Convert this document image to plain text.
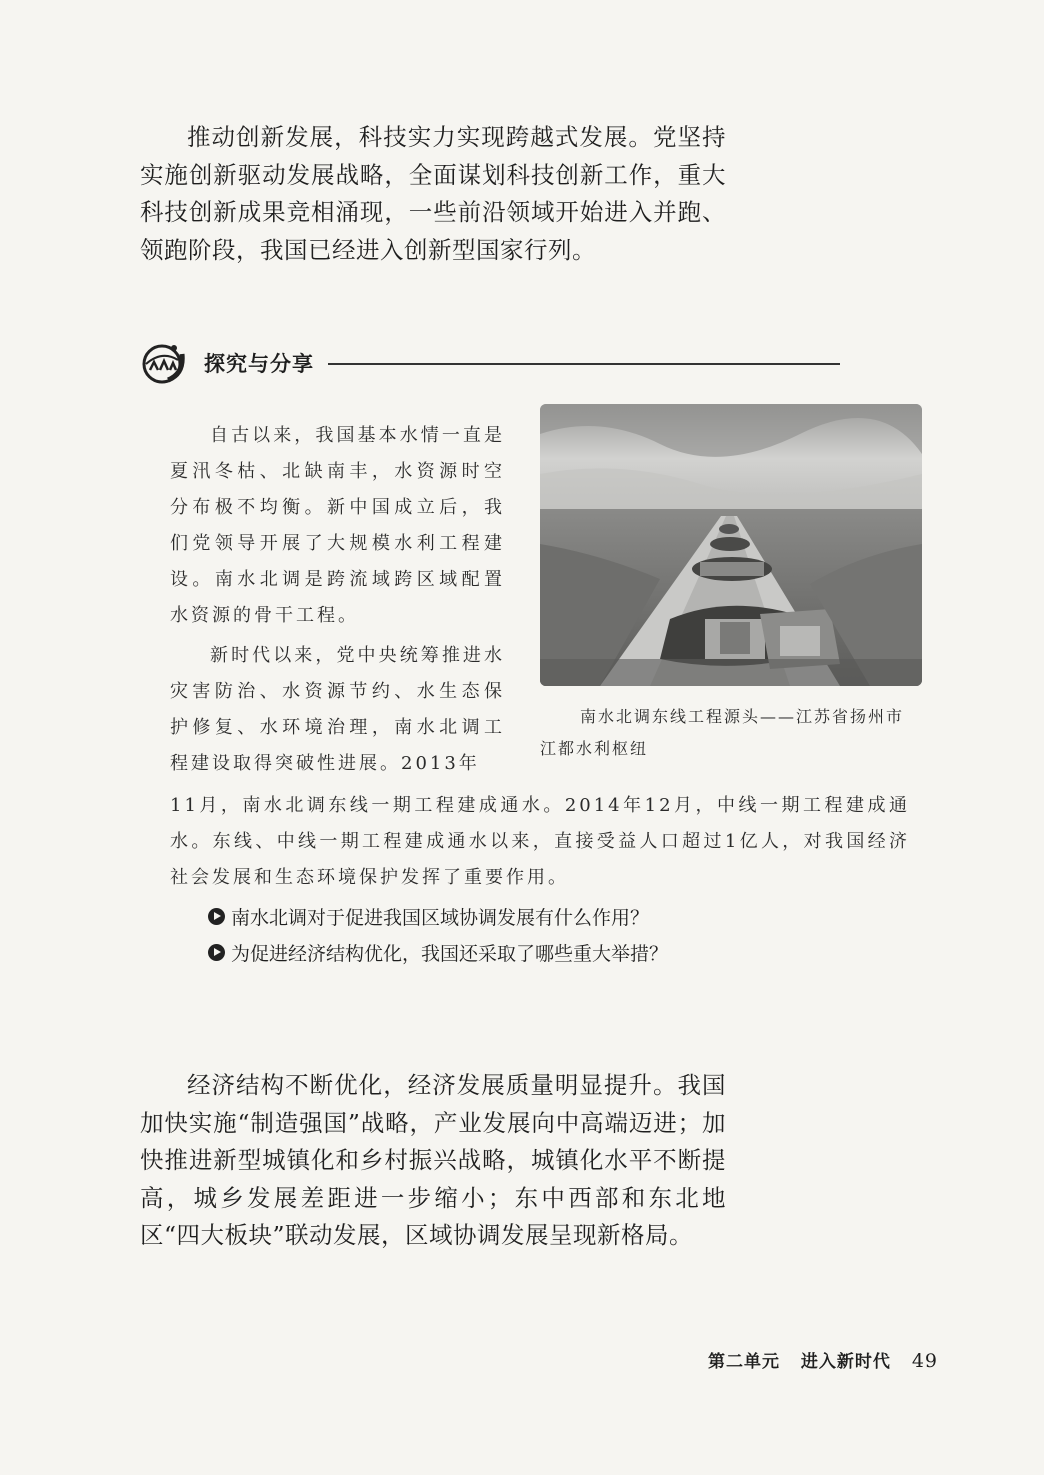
推动创新发展，科技实力实现跨越式发展。党坚持实施创新驱动发展战略，全面谋划科技创新工作，重大科技创新成果竞相涌现，一些前沿领域开始进入并跑、领跑阶段，我国已经进入创新型国家行列。

探究与分享

自古以来，我国基本水情一直是夏汛冬枯、北缺南丰，水资源时空分布极不均衡。新中国成立后，我们党领导开展了大规模水利工程建设。南水北调是跨流域跨区域配置水资源的骨干工程。

新时代以来，党中央统筹推进水灾害防治、水资源节约、水生态保护修复、水环境治理，南水北调工程建设取得突破性进展。2013年

11月，南水北调东线一期工程建成通水。2014年12月，中线一期工程建成通水。东线、中线一期工程建成通水以来，直接受益人口超过1亿人，对我国经济社会发展和生态环境保护发挥了重要作用。

南水北调东线工程源头——江苏省扬州市
江都水利枢纽
南水北调对于促进我国区域协调发展有什么作用？
为促进经济结构优化，我国还采取了哪些重大举措？

经济结构不断优化，经济发展质量明显提升。我国加快实施“制造强国”战略，产业发展向中高端迈进；加快推进新型城镇化和乡村振兴战略，城镇化水平不断提高，城乡发展差距进一步缩小；东中西部和东北地区“四大板块”联动发展，区域协调发展呈现新格局。

第二单元 进入新时代 49
